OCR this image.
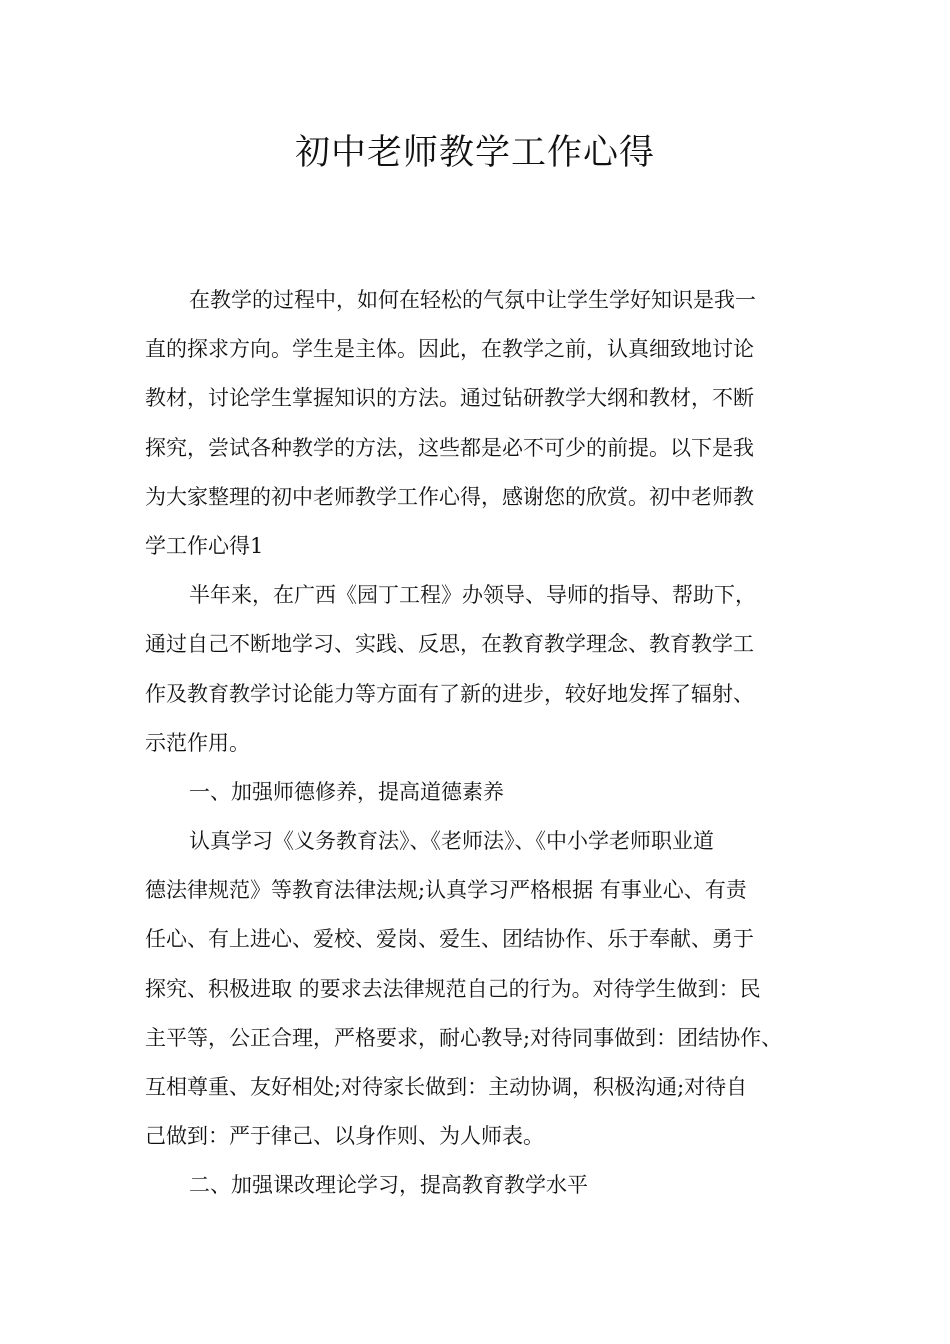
初中老师教学工作心得
在教学的过程中，如何在轻松的气氛中让学生学好知识是我一
直的探求方向。学生是主体。因此，在教学之前，认真细致地讨论
教材，讨论学生掌握知识的方法。通过钻研教学大纲和教材，不断
探究，尝试各种教学的方法，这些都是必不可少的前提。以下是我
为大家整理的初中老师教学工作心得，感谢您的欣赏。初中老师教
学工作心得1
半年来，在广西《园丁工程》办领导、导师的指导、帮助下，
通过自己不断地学习、实践、反思，在教育教学理念、教育教学工
作及教育教学讨论能力等方面有了新的进步，较好地发挥了辐射、
示范作用。
一、加强师德修养，提高道德素养
认真学习《义务教育法》、《老师法》、《中小学老师职业道
德法律规范》等教育法律法规;认真学习严格根据 有事业心、有责
任心、有上进心、爱校、爱岗、爱生、团结协作、乐于奉献、勇于
探究、积极进取 的要求去法律规范自己的行为。对待学生做到：民
主平等，公正合理，严格要求，耐心教导;对待同事做到：团结协作、
互相尊重、友好相处;对待家长做到：主动协调，积极沟通;对待自
己做到：严于律己、以身作则、为人师表。
二、加强课改理论学习，提高教育教学水平
